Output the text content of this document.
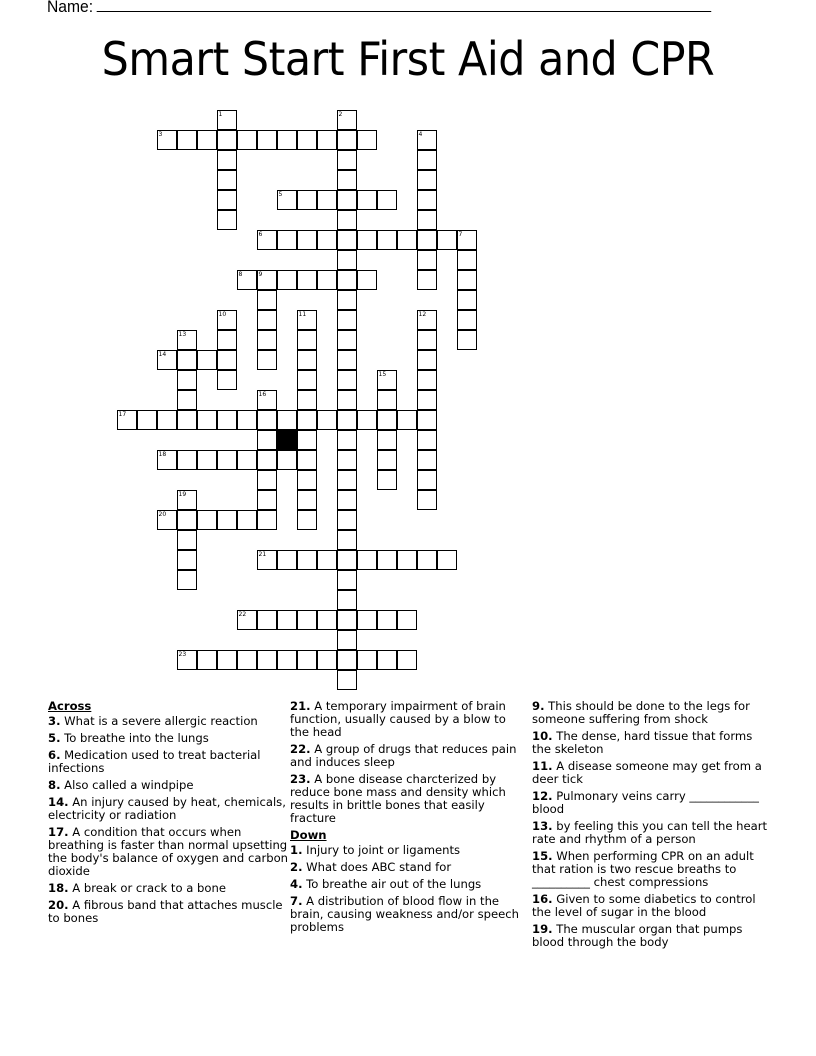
Name:
Smart Start First Aid and CPR
1	2
3	4
5
6	7
8	9
10	11	12
13
14
15
16
17
18
19
20
21
22
23
Across
3. What is a severe allergic reaction
5. To breathe into the lungs
6. Medication used to treat bacterial infections
8. Also called a windpipe
14. An injury caused by heat, chemicals, electricity or radiation
17. A condition that occurs when breathing is faster than normal upsetting the body's balance of oxygen and carbon dioxide
18. A break or crack to a bone
20. A fibrous band that attaches muscle to bones
21. A temporary impairment of brain function, usually caused by a blow to the head
22. A group of drugs that reduces pain and induces sleep
23. A bone disease charcterized by reduce bone mass and density which results in brittle bones that easily fracture
Down
1. Injury to joint or ligaments
2. What does ABC stand for
4. To breathe air out of the lungs
7. A distribution of blood flow in the brain, causing weakness and/or speech problems
9. This should be done to the legs for someone suffering from shock
10. The dense, hard tissue that forms the skeleton
11. A disease someone may get from a deer tick
12. Pulmonary veins carry ____________ blood
13. by feeling this you can tell the heart rate and rhythm of a person
15. When performing CPR on an adult that ration is two rescue breaths to __________ chest compressions
16. Given to some diabetics to control the level of sugar in the blood
19. The muscular organ that pumps blood through the body
